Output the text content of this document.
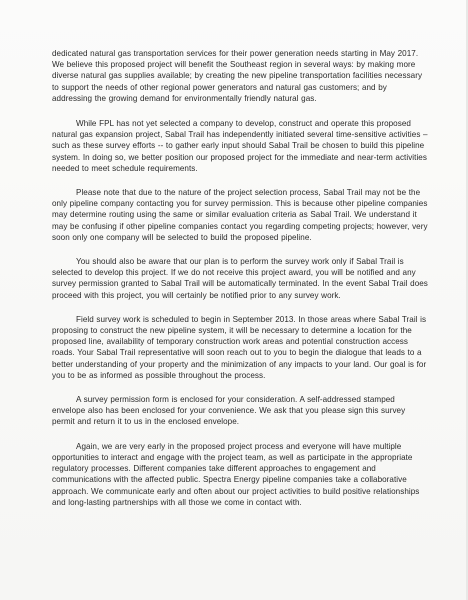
dedicated natural gas transportation services for their power generation needs starting in May 2017. We believe this proposed project will benefit the Southeast region in several ways: by making more diverse natural gas supplies available; by creating the new pipeline transportation facilities necessary to support the needs of other regional power generators and natural gas customers; and by addressing the growing demand for environmentally friendly natural gas.

While FPL has not yet selected a company to develop, construct and operate this proposed natural gas expansion project, Sabal Trail has independently initiated several time-sensitive activities – such as these survey efforts -- to gather early input should Sabal Trail be chosen to build this pipeline system. In doing so, we better position our proposed project for the immediate and near-term activities needed to meet schedule requirements.

Please note that due to the nature of the project selection process, Sabal Trail may not be the only pipeline company contacting you for survey permission. This is because other pipeline companies may determine routing using the same or similar evaluation criteria as Sabal Trail. We understand it may be confusing if other pipeline companies contact you regarding competing projects; however, very soon only one company will be selected to build the proposed pipeline.

You should also be aware that our plan is to perform the survey work only if Sabal Trail is selected to develop this project. If we do not receive this project award, you will be notified and any survey permission granted to Sabal Trail will be automatically terminated. In the event Sabal Trail does proceed with this project, you will certainly be notified prior to any survey work.

Field survey work is scheduled to begin in September 2013. In those areas where Sabal Trail is proposing to construct the new pipeline system, it will be necessary to determine a location for the proposed line, availability of temporary construction work areas and potential construction access roads. Your Sabal Trail representative will soon reach out to you to begin the dialogue that leads to a better understanding of your property and the minimization of any impacts to your land. Our goal is for you to be as informed as possible throughout the process.

A survey permission form is enclosed for your consideration. A self-addressed stamped envelope also has been enclosed for your convenience. We ask that you please sign this survey permit and return it to us in the enclosed envelope.

Again, we are very early in the proposed project process and everyone will have multiple opportunities to interact and engage with the project team, as well as participate in the appropriate regulatory processes. Different companies take different approaches to engagement and communications with the affected public. Spectra Energy pipeline companies take a collaborative approach. We communicate early and often about our project activities to build positive relationships and long-lasting partnerships with all those we come in contact with.
